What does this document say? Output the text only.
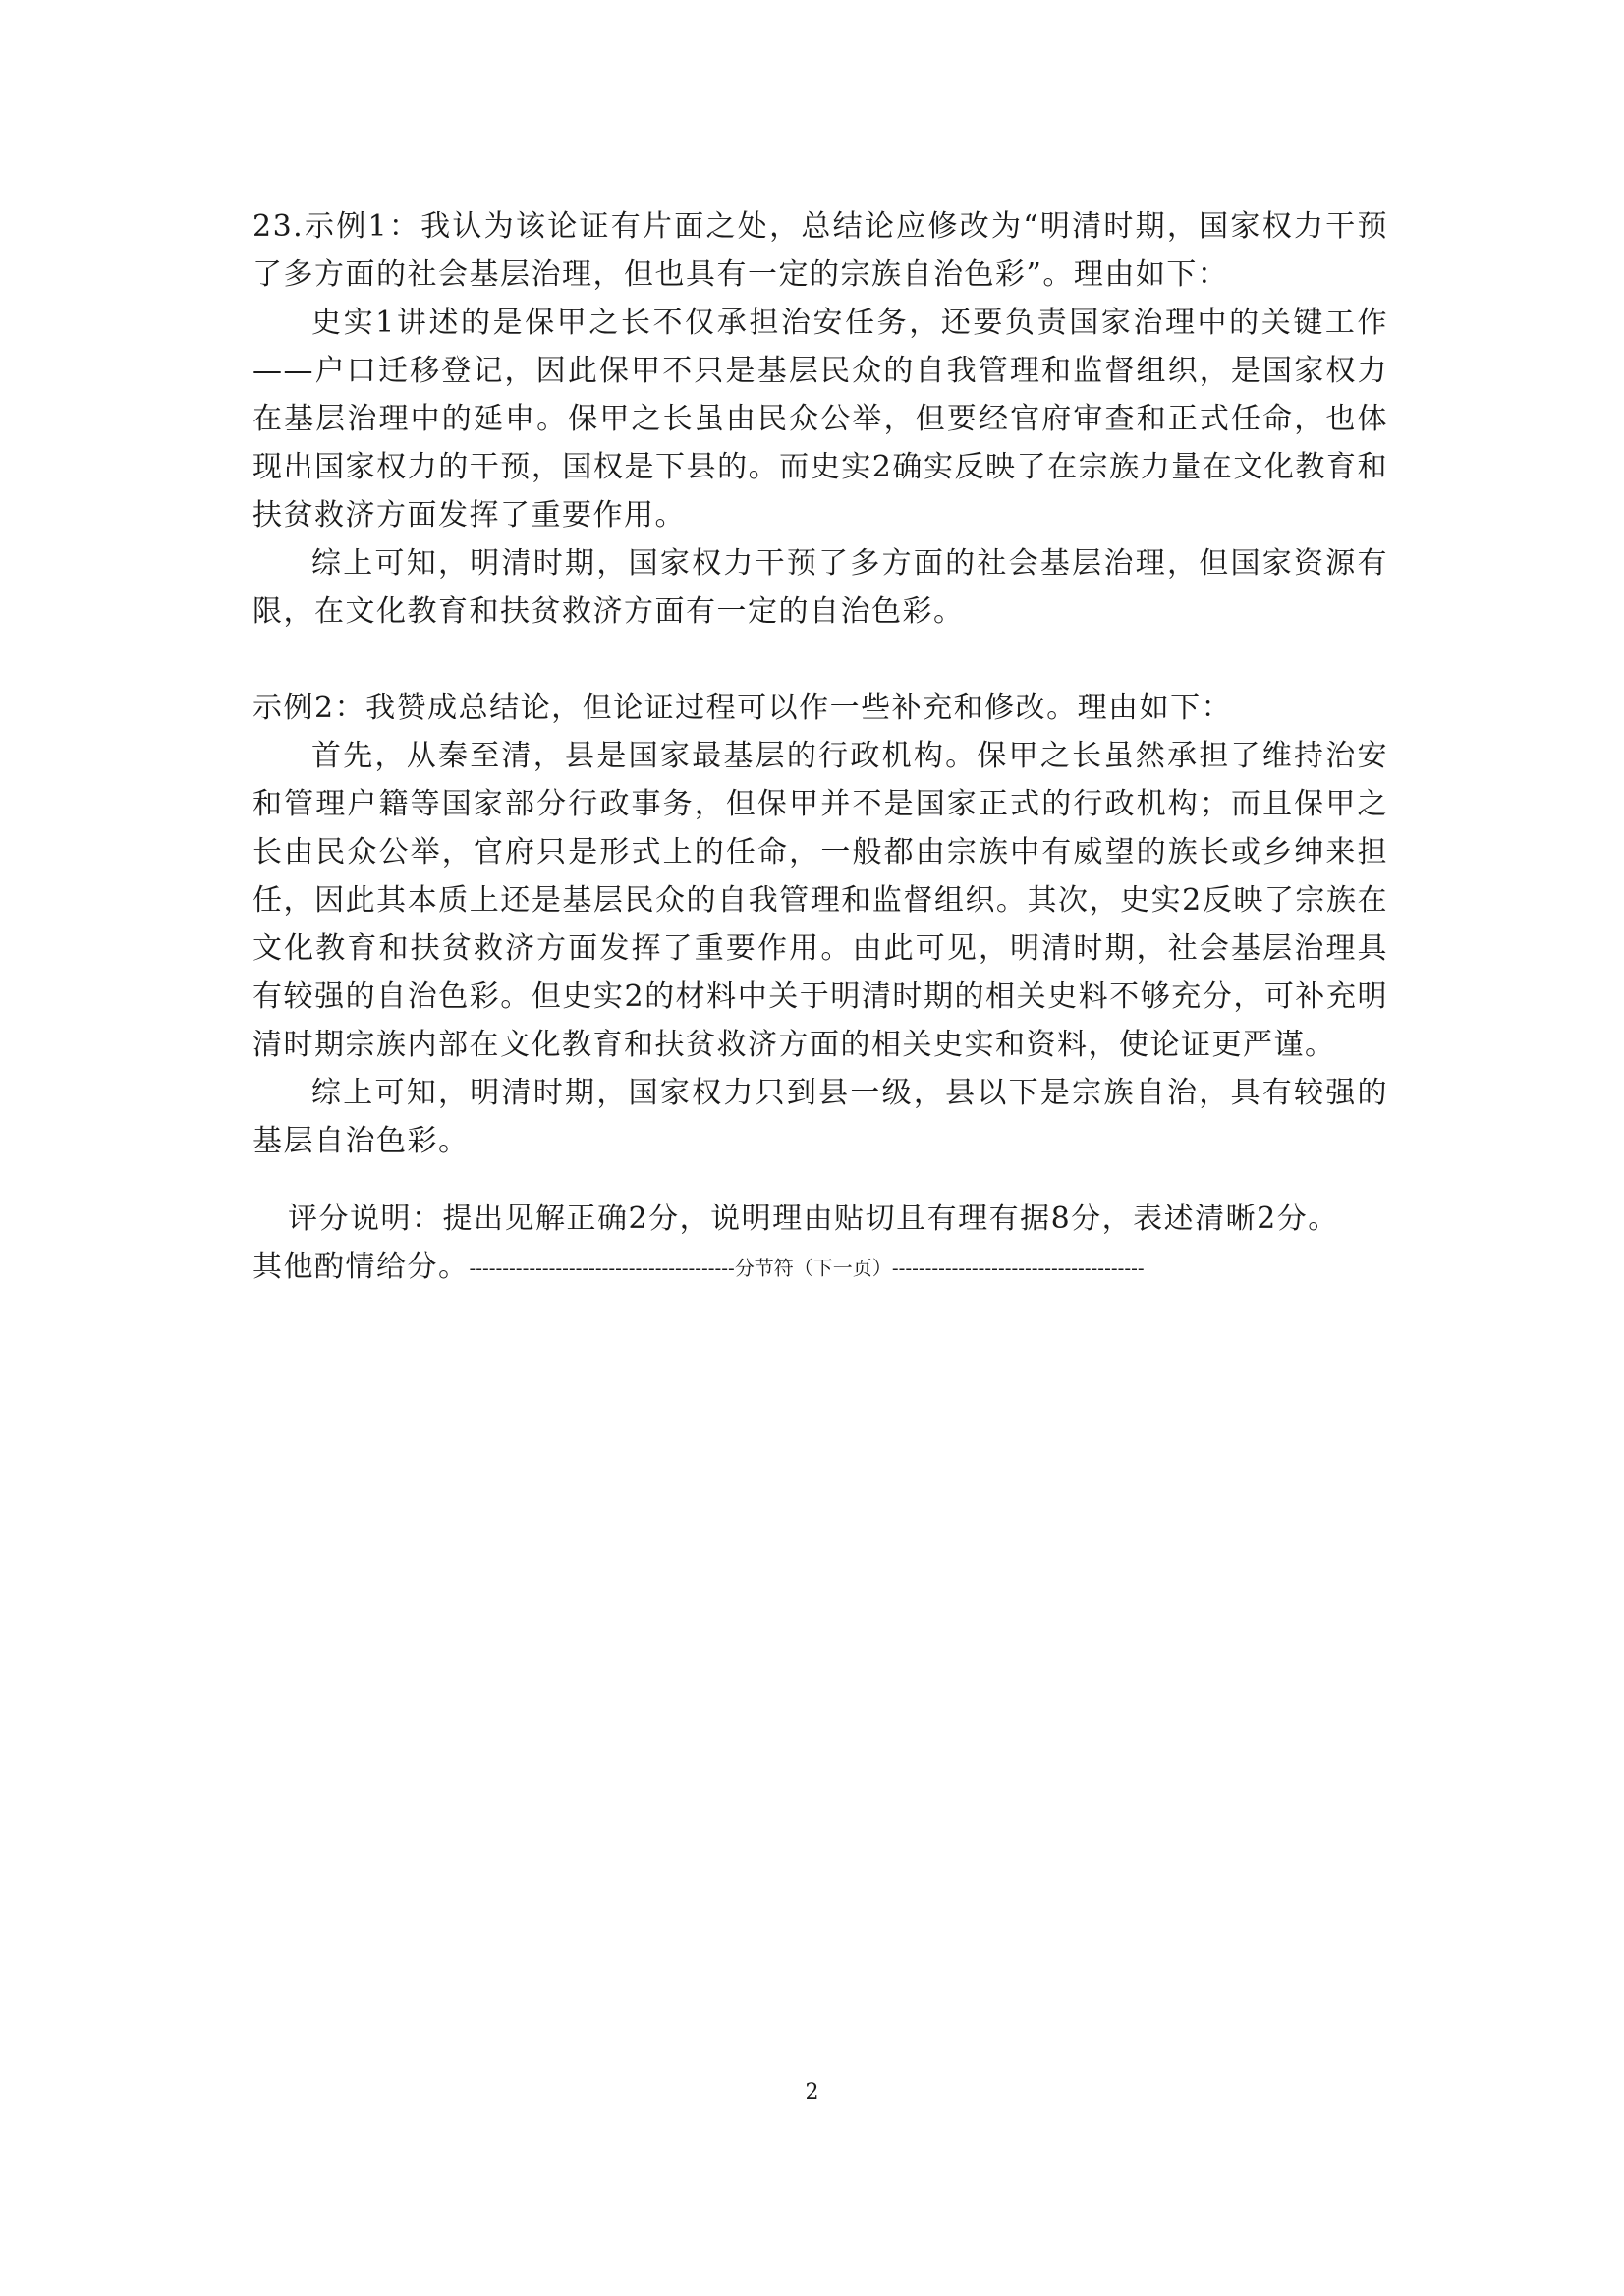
23.示例1：我认为该论证有片面之处，总结论应修改为“明清时期，国家权力干预了多方面的社会基层治理，但也具有一定的宗族自治色彩”。理由如下：

史实1讲述的是保甲之长不仅承担治安任务，还要负责国家治理中的关键工作——户口迁移登记，因此保甲不只是基层民众的自我管理和监督组织，是国家权力在基层治理中的延申。保甲之长虽由民众公举，但要经官府审查和正式任命，也体现出国家权力的干预，国权是下县的。而史实2确实反映了在宗族力量在文化教育和扶贫救济方面发挥了重要作用。

综上可知，明清时期，国家权力干预了多方面的社会基层治理，但国家资源有限，在文化教育和扶贫救济方面有一定的自治色彩。

示例2：我赞成总结论，但论证过程可以作一些补充和修改。理由如下：

首先，从秦至清，县是国家最基层的行政机构。保甲之长虽然承担了维持治安和管理户籍等国家部分行政事务，但保甲并不是国家正式的行政机构；而且保甲之长由民众公举，官府只是形式上的任命，一般都由宗族中有威望的族长或乡绅来担任，因此其本质上还是基层民众的自我管理和监督组织。其次，史实2反映了宗族在文化教育和扶贫救济方面发挥了重要作用。由此可见，明清时期，社会基层治理具有较强的自治色彩。但史实2的材料中关于明清时期的相关史料不够充分，可补充明清时期宗族内部在文化教育和扶贫救济方面的相关史实和资料，使论证更严谨。

综上可知，明清时期，国家权力只到县一级，县以下是宗族自治，具有较强的基层自治色彩。

评分说明：提出见解正确2分，说明理由贴切且有理有据8分，表述清晰2分。

其他酌情给分。----------------------------------------分节符（下一页）--------------------------------------

2
